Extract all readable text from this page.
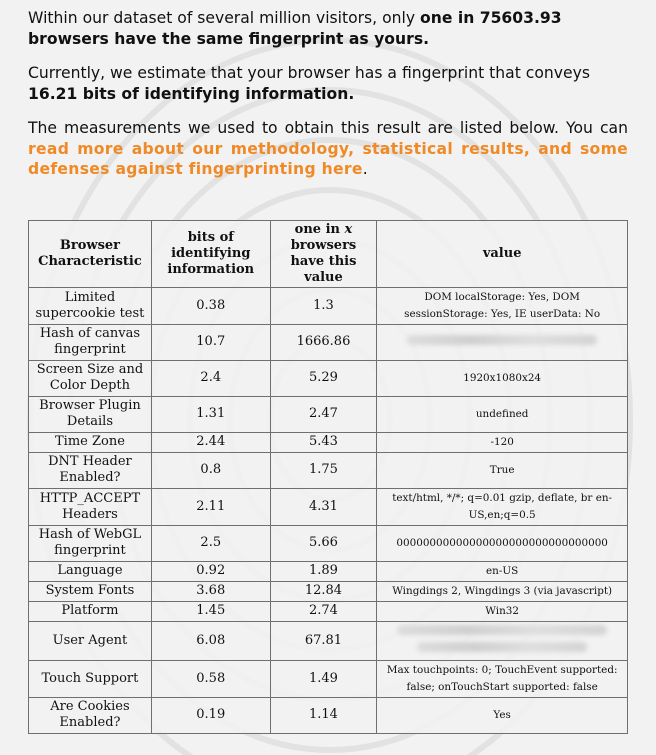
Within our dataset of several million visitors, only one in 75603.93 browsers have the same fingerprint as yours.

Currently, we estimate that your browser has a fingerprint that conveys 16.21 bits of identifying information.

The measurements we used to obtain this result are listed below. You can read more about our methodology, statistical results, and some defenses against fingerprinting here.

Browser Characteristic	bits of identifying information	one in x browsers have this value	value
Limited supercookie test	0.38	1.3	DOM localStorage: Yes, DOM sessionStorage: Yes, IE userData: No
Hash of canvas fingerprint	10.7	1666.86	
Screen Size and Color Depth	2.4	5.29	1920x1080x24
Browser Plugin Details	1.31	2.47	undefined
Time Zone	2.44	5.43	-120
DNT Header Enabled?	0.8	1.75	True
HTTP_ACCEPT Headers	2.11	4.31	text/html, */*; q=0.01 gzip, deflate, br en-US,en;q=0.5
Hash of WebGL fingerprint	2.5	5.66	00000000000000000000000000000000
Language	0.92	1.89	en-US
System Fonts	3.68	12.84	Wingdings 2, Wingdings 3 (via javascript)
Platform	1.45	2.74	Win32
User Agent	6.08	67.81	

Touch Support	0.58	1.49	Max touchpoints: 0; TouchEvent supported: false; onTouchStart supported: false
Are Cookies Enabled?	0.19	1.14	Yes
